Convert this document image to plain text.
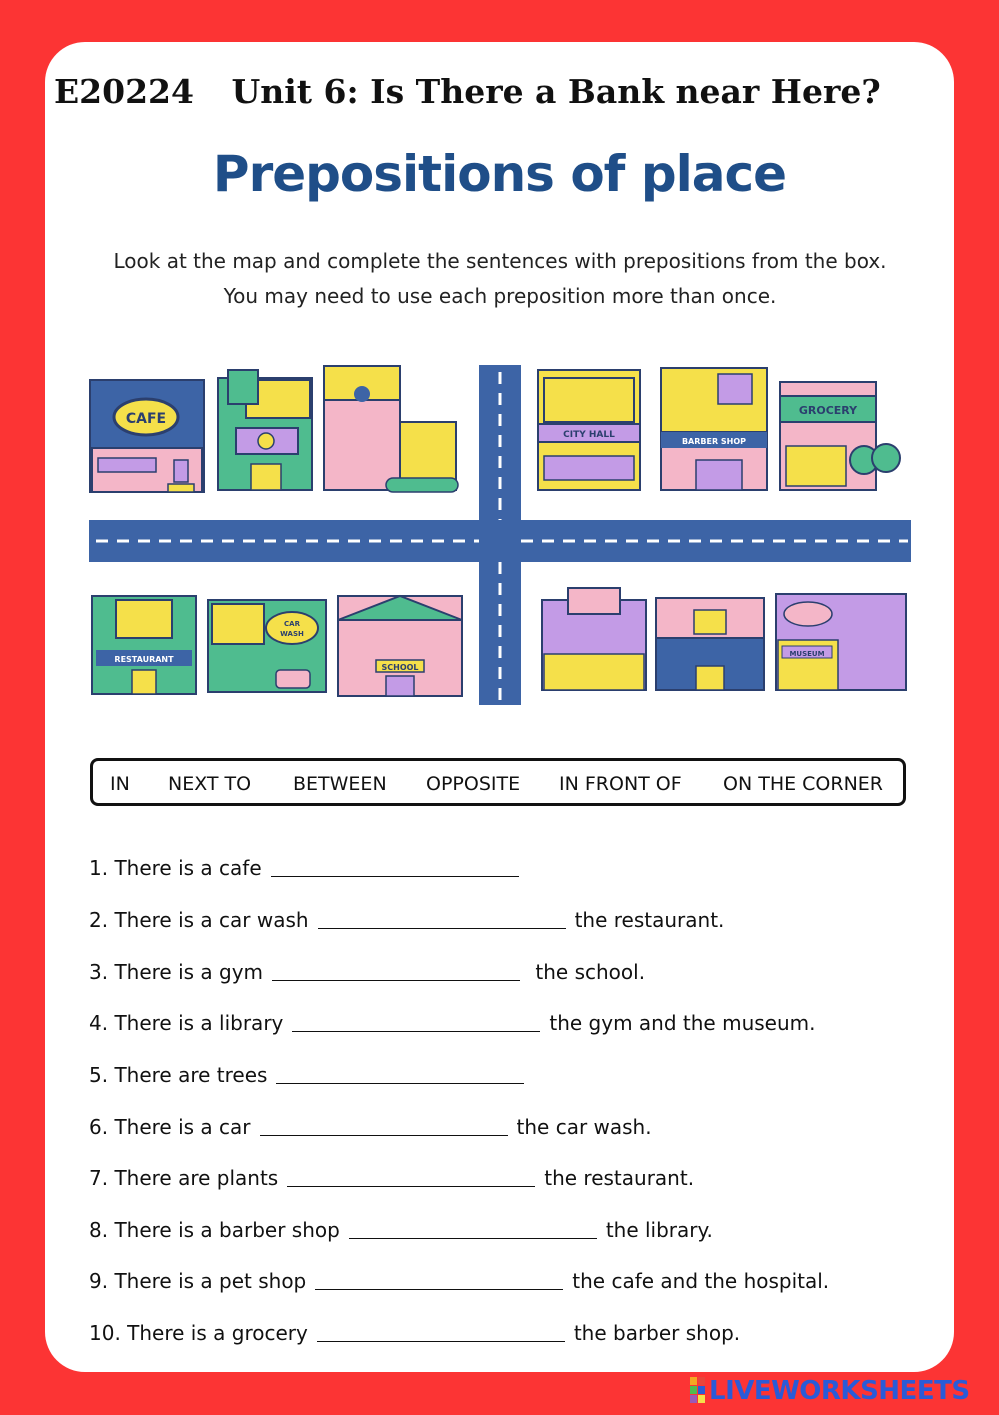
E20224 Unit 6: Is There a Bank near Here?
Prepositions of place
Look at the map and complete the sentences with prepositions from the box. You may need to use each preposition more than once.
CAFE
CITY HALL
BARBER SHOP
GROCERY
RESTAURANT
CAR
WASH
SCHOOL
MUSEUM
IN NEXT TO BETWEEN OPPOSITE IN FRONT OF ON THE CORNER
1. There is a cafe
2. There is a car wash	the restaurant.
3. There is a gym	the school.
4. There is a library	the gym and the museum.
5. There are trees
6. There is a car	the car wash.
7. There are plants	the restaurant.
8. There is a barber shop	the library.
9. There is a pet shop	the cafe and the hospital.
10. There is a grocery	the barber shop.
LIVEWORKSHEETS
